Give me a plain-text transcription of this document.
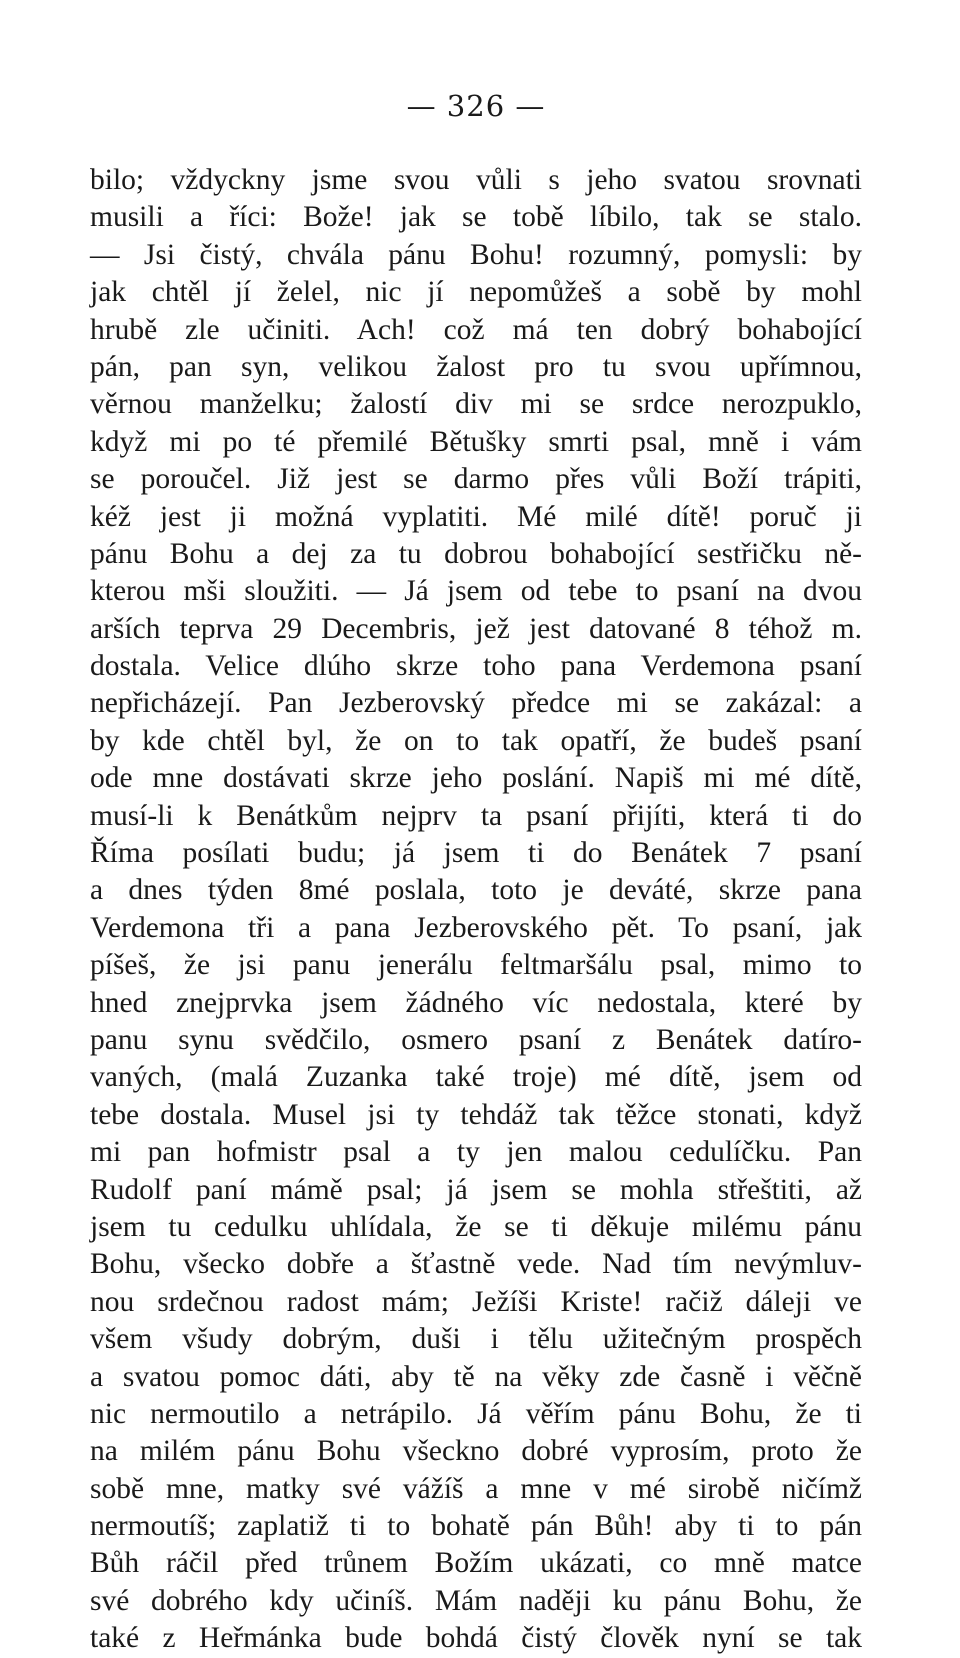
— 326 —
bilo; vždyckny jsme svou vůli s jeho svatou srovnati
musili a říci: Bože! jak se tobě líbilo, tak se stalo.
— Jsi čistý, chvála pánu Bohu! rozumný, pomysli: by
jak chtěl jí želel, nic jí nepomůžeš a sobě by mohl
hrubě zle učiniti. Ach! což má ten dobrý bohabojící
pán, pan syn, velikou žalost pro tu svou upřímnou,
věrnou manželku; žalostí div mi se srdce nerozpuklo,
když mi po té přemilé Bětušky smrti psal, mně i vám
se poroučel. Již jest se darmo přes vůli Boží trápiti,
kéž jest ji možná vyplatiti. Mé milé dítě! poruč ji
pánu Bohu a dej za tu dobrou bohabojící sestřičku ně-
kterou mši sloužiti. — Já jsem od tebe to psaní na dvou
arších teprva 29 Decembris, jež jest datované 8 téhož m.
dostala. Velice dlúho skrze toho pana Verdemona psaní
nepřicházejí. Pan Jezberovský předce mi se zakázal: a
by kde chtěl byl, že on to tak opatří, že budeš psaní
ode mne dostávati skrze jeho poslání. Napiš mi mé dítě,
musí-li k Benátkům nejprv ta psaní přijíti, která ti do
Říma posílati budu; já jsem ti do Benátek 7 psaní
a dnes týden 8mé poslala, toto je deváté, skrze pana
Verdemona tři a pana Jezberovského pět. To psaní, jak
píšeš, že jsi panu jenerálu feltmaršálu psal, mimo to
hned znejprvka jsem žádného víc nedostala, které by
panu synu svědčilo, osmero psaní z Benátek datíro-
vaných, (malá Zuzanka také troje) mé dítě, jsem od
tebe dostala. Musel jsi ty tehdáž tak těžce stonati, když
mi pan hofmistr psal a ty jen malou cedulíčku. Pan
Rudolf paní mámě psal; já jsem se mohla střeštiti, až
jsem tu cedulku uhlídala, že se ti děkuje milému pánu
Bohu, všecko dobře a šťastně vede. Nad tím nevýmluv-
nou srdečnou radost mám; Ježíši Kriste! račiž dáleji ve
všem všudy dobrým, duši i tělu užitečným prospěch
a svatou pomoc dáti, aby tě na věky zde časně i věčně
nic nermoutilo a netrápilo. Já věřím pánu Bohu, že ti
na milém pánu Bohu všeckno dobré vyprosím, proto že
sobě mne, matky své vážíš a mne v mé sirobě ničímž
nermoutíš; zaplatiž ti to bohatě pán Bůh! aby ti to pán
Bůh ráčil před trůnem Božím ukázati, co mně matce
své dobrého kdy učiníš. Mám naději ku pánu Bohu, že
také z Heřmánka bude bohdá čistý člověk nyní se tak
